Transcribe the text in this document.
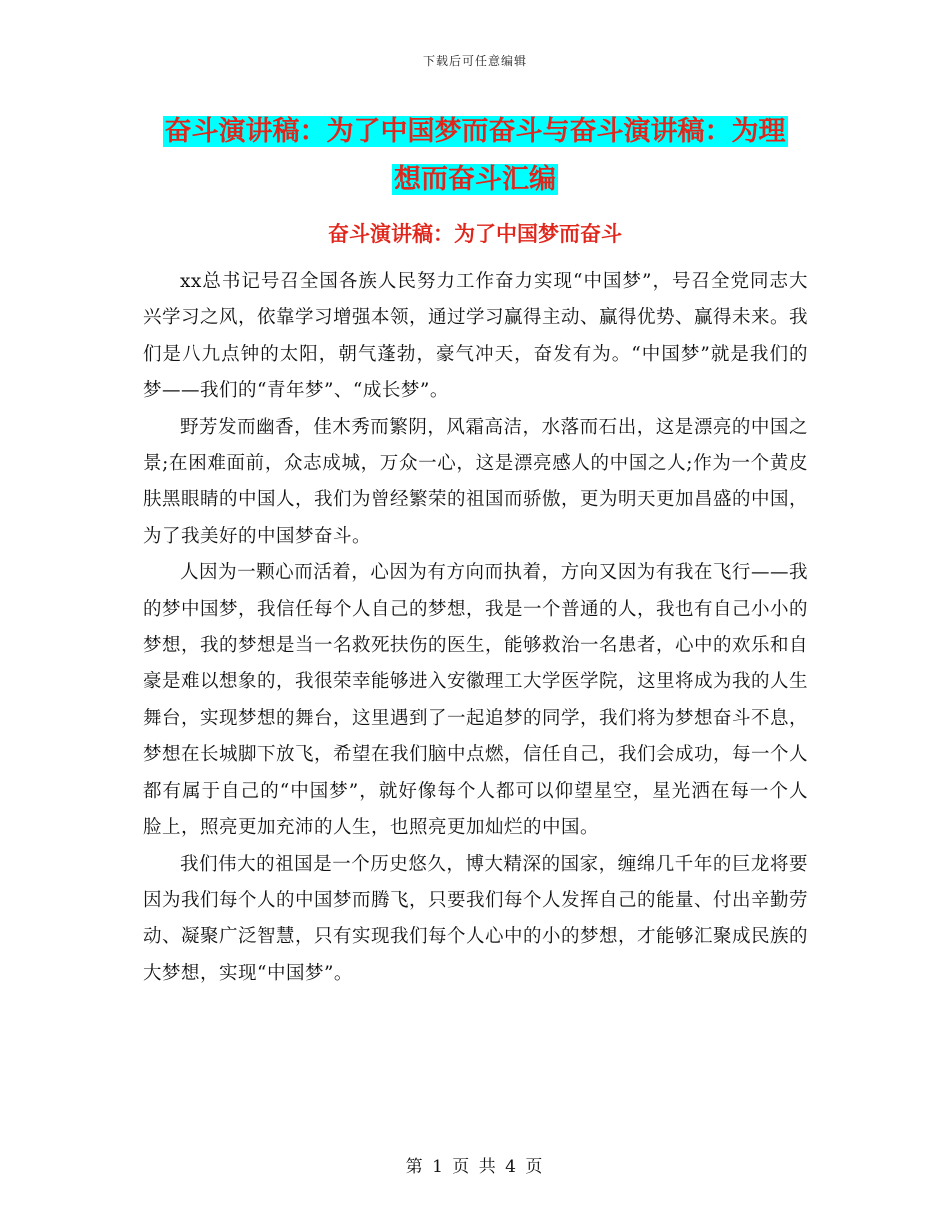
下载后可任意编辑
奋斗演讲稿：为了中国梦而奋斗与奋斗演讲稿：为理
想而奋斗汇编
奋斗演讲稿：为了中国梦而奋斗

xx总书记号召全国各族人民努力工作奋力实现“中国梦”，号召全党同志大兴学习之风，依靠学习增强本领，通过学习赢得主动、赢得优势、赢得未来。我们是八九点钟的太阳，朝气蓬勃，豪气冲天，奋发有为。“中国梦”就是我们的梦——我们的“青年梦”、“成长梦”。

野芳发而幽香，佳木秀而繁阴，风霜高洁，水落而石出，这是漂亮的中国之景;在困难面前，众志成城，万众一心，这是漂亮感人的中国之人;作为一个黄皮肤黑眼睛的中国人，我们为曾经繁荣的祖国而骄傲，更为明天更加昌盛的中国，为了我美好的中国梦奋斗。

人因为一颗心而活着，心因为有方向而执着，方向又因为有我在飞行——我的梦中国梦，我信任每个人自己的梦想，我是一个普通的人，我也有自己小小的梦想，我的梦想是当一名救死扶伤的医生，能够救治一名患者，心中的欢乐和自豪是难以想象的，我很荣幸能够进入安徽理工大学医学院，这里将成为我的人生舞台，实现梦想的舞台，这里遇到了一起追梦的同学，我们将为梦想奋斗不息，梦想在长城脚下放飞，希望在我们脑中点燃，信任自己，我们会成功，每一个人都有属于自己的“中国梦”，就好像每个人都可以仰望星空，星光洒在每一个人脸上，照亮更加充沛的人生，也照亮更加灿烂的中国。

我们伟大的祖国是一个历史悠久，博大精深的国家，缠绵几千年的巨龙将要因为我们每个人的中国梦而腾飞，只要我们每个人发挥自己的能量、付出辛勤劳动、凝聚广泛智慧，只有实现我们每个人心中的小的梦想，才能够汇聚成民族的大梦想，实现“中国梦”。

第 1 页 共 4 页
